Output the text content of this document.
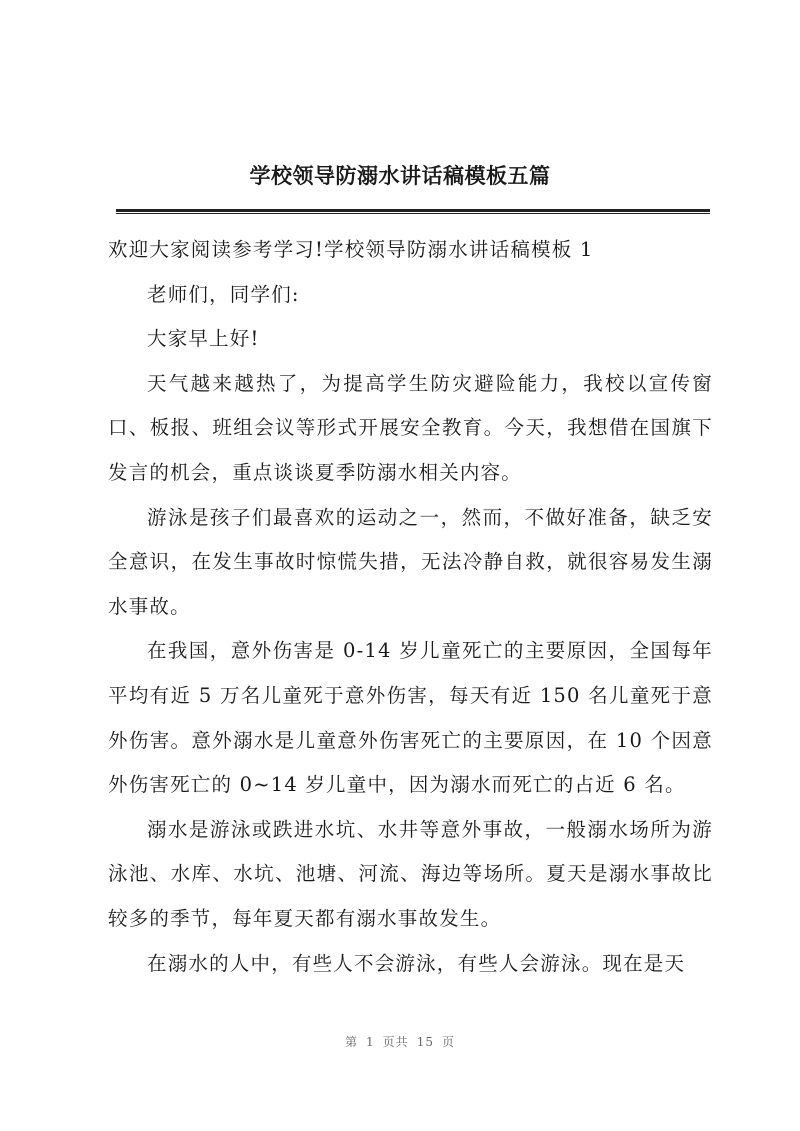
学校领导防溺水讲话稿模板五篇

欢迎大家阅读参考学习!学校领导防溺水讲话稿模板 1

老师们，同学们:

大家早上好!

天气越来越热了，为提高学生防灾避险能力，我校以宣传窗口、板报、班组会议等形式开展安全教育。今天，我想借在国旗下发言的机会，重点谈谈夏季防溺水相关内容。

游泳是孩子们最喜欢的运动之一，然而，不做好准备，缺乏安全意识，在发生事故时惊慌失措，无法冷静自救，就很容易发生溺水事故。

在我国，意外伤害是 0-14 岁儿童死亡的主要原因，全国每年平均有近 5 万名儿童死于意外伤害，每天有近 150 名儿童死于意外伤害。意外溺水是儿童意外伤害死亡的主要原因，在 10 个因意外伤害死亡的 0~14 岁儿童中，因为溺水而死亡的占近 6 名。

溺水是游泳或跌进水坑、水井等意外事故，一般溺水场所为游泳池、水库、水坑、池塘、河流、海边等场所。夏天是溺水事故比较多的季节，每年夏天都有溺水事故发生。

在溺水的人中，有些人不会游泳，有些人会游泳。现在是天

第 1 页共 15 页
